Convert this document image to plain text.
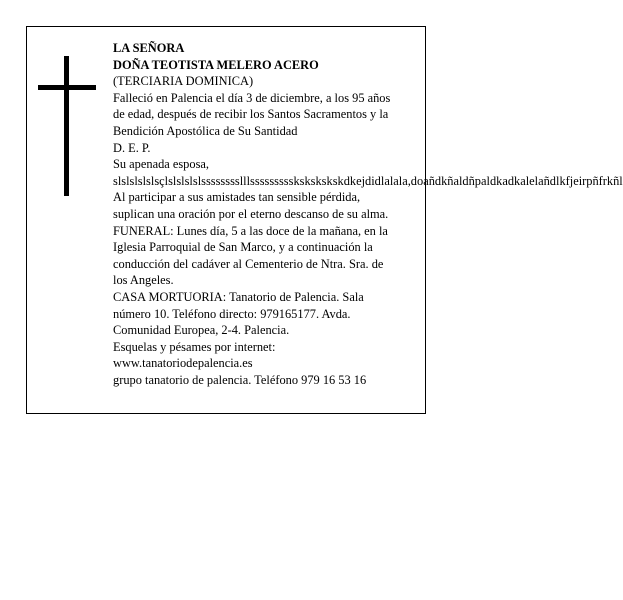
LA SEÑORA
DOÑA TEOTISTA MELERO ACERO
(TERCIARIA DOMINICA)
Falleció en Palencia el día 3 de diciembre, a los 95 años
de edad, después de recibir los Santos Sacramentos y la
Bendición Apostólica de Su Santidad
D. E. P.
Su apenada esposa,
slslslslslsçlslslslslsssssssslllssssssssskskskskskdkejdidlalala,doañdkñaldñpaldkadkalelañdlkfjeirpñfrkñl
Al participar a sus amistades tan sensible pérdida,
suplican una oración por el eterno descanso de su alma.
FUNERAL: Lunes día, 5 a las doce de la mañana, en la
Iglesia Parroquial de San Marco, y a continuación la
conducción del cadáver al Cementerio de Ntra. Sra. de
los Angeles.
CASA MORTUORIA: Tanatorio de Palencia. Sala
número 10. Teléfono directo: 979165177. Avda.
Comunidad Europea, 2-4. Palencia.
Esquelas y pésames por internet:
www.tanatoriodepalencia.es
grupo tanatorio de palencia. Teléfono 979 16 53 16
